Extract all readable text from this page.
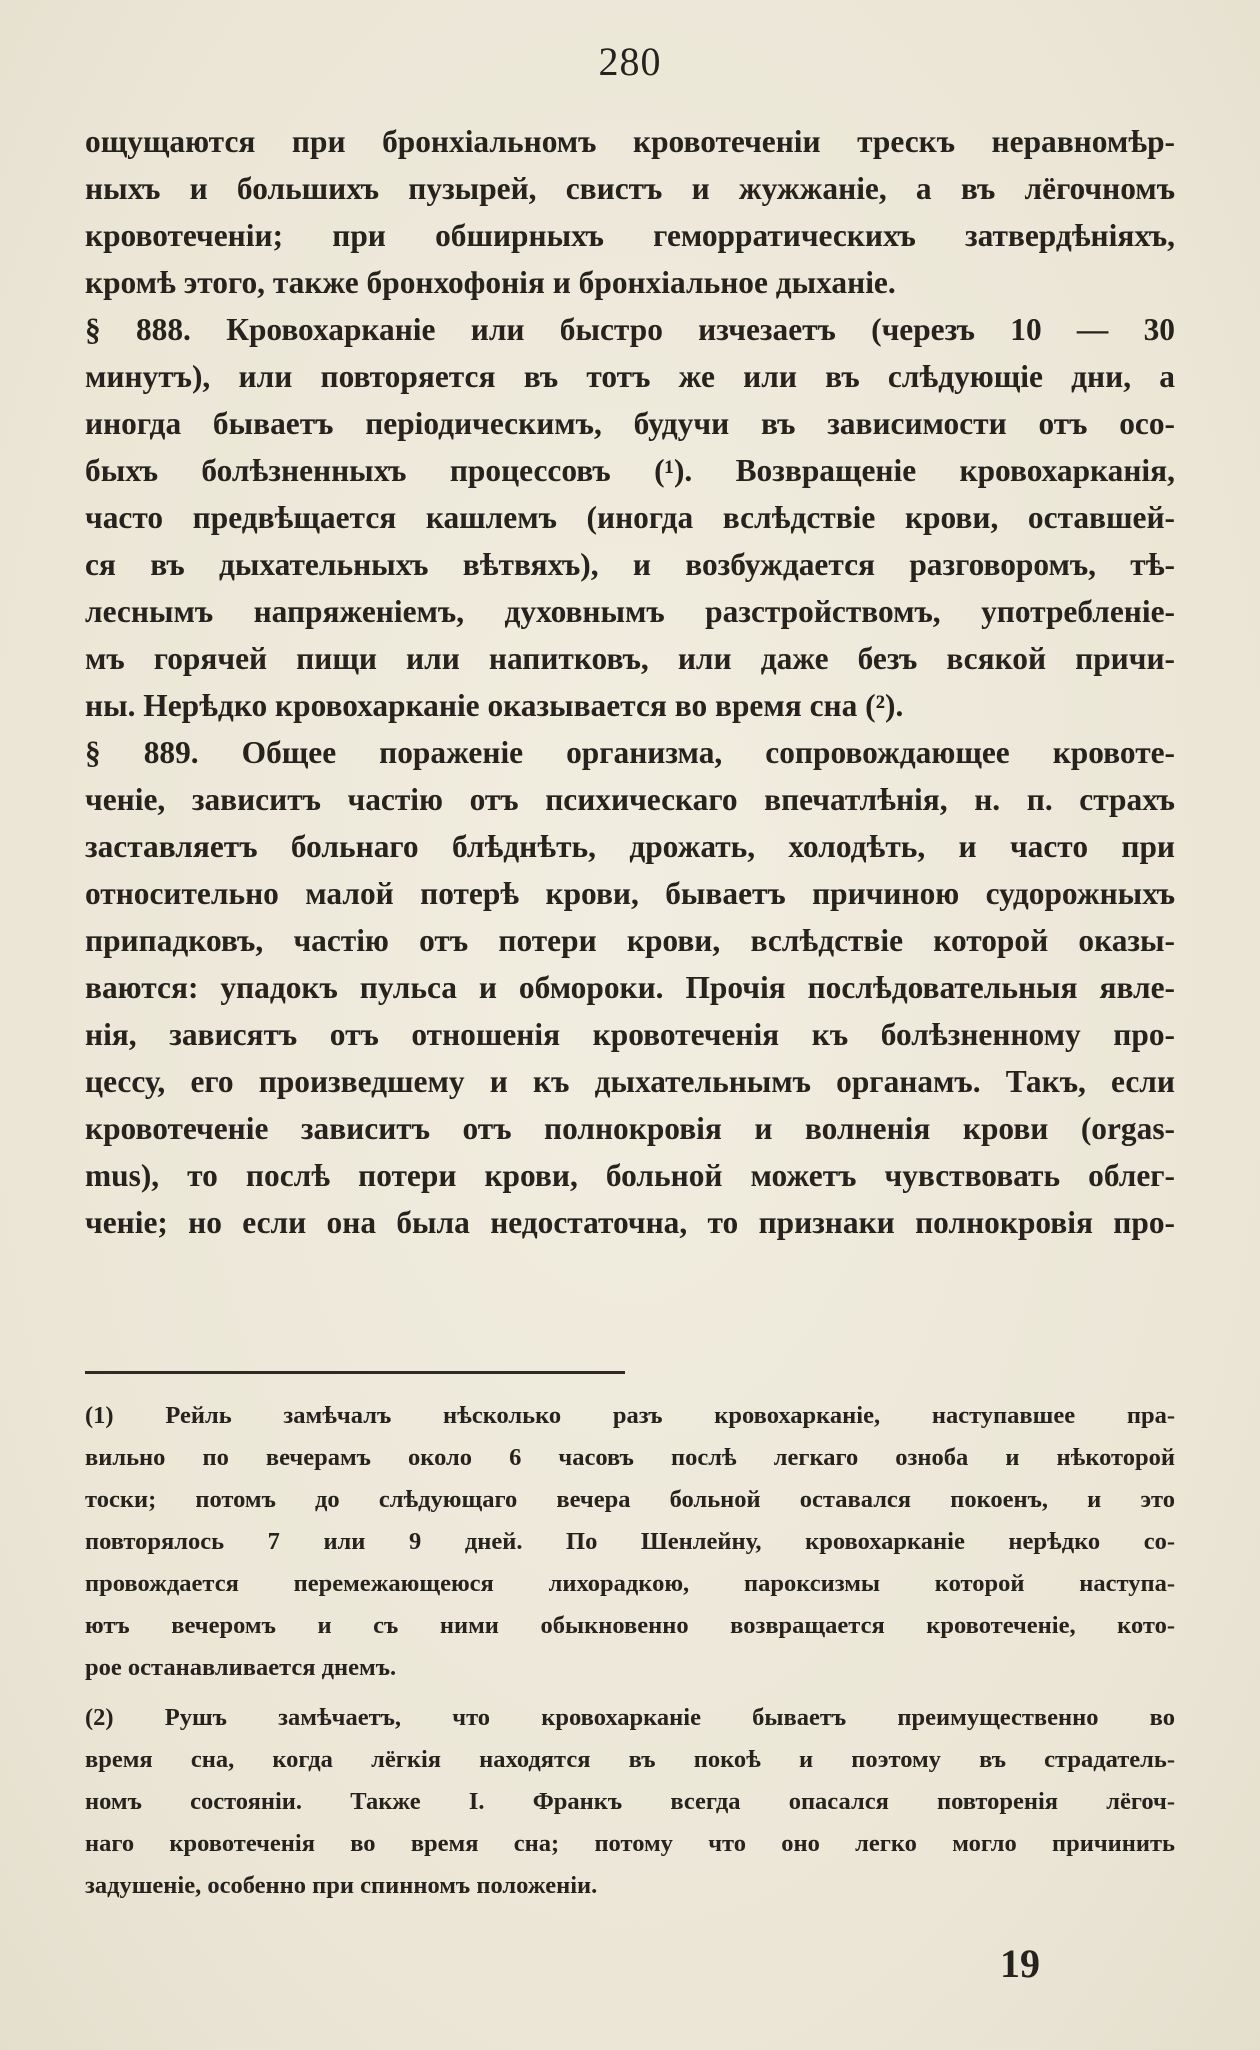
280
ощущаются при бронхіальномъ кровотеченіи трескъ неравномѣр-
ныхъ и большихъ пузырей, свистъ и жужжаніе, а въ лёгочномъ
кровотеченіи; при обширныхъ геморратическихъ затвердѣніяхъ,
кромѣ этого, также бронхофонія и бронхіальное дыханіе.
§ 888. Кровохарканіе или быстро изчезаетъ (черезъ 10 — 30
минутъ), или повторяется въ тотъ же или въ слѣдующіе дни, а
иногда бываетъ періодическимъ, будучи въ зависимости отъ осо-
быхъ болѣзненныхъ процессовъ (¹). Возвращеніе кровохарканія,
часто предвѣщается кашлемъ (иногда вслѣдствіе крови, оставшей-
ся въ дыхательныхъ вѣтвяхъ), и возбуждается разговоромъ, тѣ-
леснымъ напряженіемъ, духовнымъ разстройствомъ, употребленіе-
мъ горячей пищи или напитковъ, или даже безъ всякой причи-
ны. Нерѣдко кровохарканіе оказывается во время сна (²).
§ 889. Общее пораженіе организма, сопровождающее кровоте-
ченіе, зависитъ частію отъ психическаго впечатлѣнія, н. п. страхъ
заставляетъ больнаго блѣднѣть, дрожать, холодѣть, и часто при
относительно малой потерѣ крови, бываетъ причиною судорожныхъ
припадковъ, частію отъ потери крови, вслѣдствіе которой оказы-
ваются: упадокъ пульса и обмороки. Прочія послѣдовательныя явле-
нія, зависятъ отъ отношенія кровотеченія къ болѣзненному про-
цессу, его произведшему и къ дыхательнымъ органамъ. Такъ, если
кровотеченіе зависитъ отъ полнокровія и волненія крови (orgas-
mus), то послѣ потери крови, больной можетъ чувствовать облег-
ченіе; но если она была недостаточна, то признаки полнокровія про-
(1) Рейль замѣчалъ нѣсколько разъ кровохарканіе, наступавшее пра-
вильно по вечерамъ около 6 часовъ послѣ легкаго озноба и нѣкоторой
тоски; потомъ до слѣдующаго вечера больной оставался покоенъ, и это
повторялось 7 или 9 дней. По Шенлейну, кровохарканіе нерѣдко со-
провождается перемежающеюся лихорадкою, пароксизмы которой наступа-
ютъ вечеромъ и съ ними обыкновенно возвращается кровотеченіе, кото-
рое останавливается днемъ.
(2) Рушъ замѣчаетъ, что кровохарканіе бываетъ преимущественно во
время сна, когда лёгкія находятся въ покоѣ и поэтому въ страдатель-
номъ состояніи. Также І. Франкъ всегда опасался повторенія лёгоч-
наго кровотеченія во время сна; потому что оно легко могло причинить
задушеніе, особенно при спинномъ положеніи.
19
